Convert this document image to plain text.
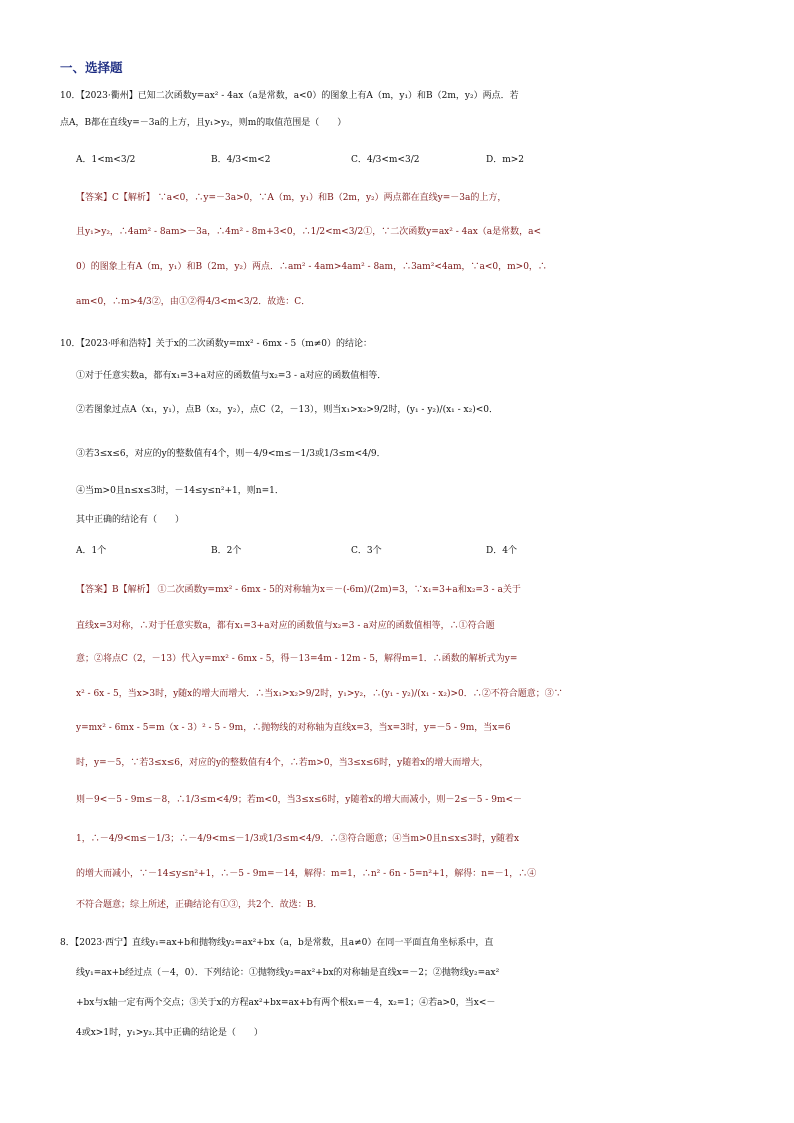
一、选择题
10．【2023·衢州】已知二次函数y=ax² - 4ax（a是常数，a<0）的图象上有A（m，y₁）和B（2m，y₂）两点．若
点A，B都在直线y=－3a的上方，且y₁>y₂，则m的取值范围是（　　）
A．1<m<3/2	B．4/3<m<2	C．4/3<m<3/2	D．m>2
【答案】C【解析】 ∵a<0，∴y=－3a>0，∵A（m，y₁）和B（2m，y₂）两点都在直线y=－3a的上方，
且y₁>y₂，∴4am² - 8am>－3a，∴4m² - 8m+3<0，∴1/2<m<3/2①，∵二次函数y=ax² - 4ax（a是常数，a<
0）的图象上有A（m，y₁）和B（2m，y₂）两点．∴am² - 4am>4am² - 8am，∴3am²<4am，∵a<0，m>0，∴
am<0，∴m>4/3②，由①②得4/3<m<3/2．故选：C．
10．【2023·呼和浩特】关于x的二次函数y=mx² - 6mx - 5（m≠0）的结论：
①对于任意实数a，都有x₁=3+a对应的函数值与x₂=3 - a对应的函数值相等．
②若图象过点A（x₁，y₁），点B（x₂，y₂），点C（2，－13），则当x₁>x₂>9/2时，(y₁ - y₂)/(x₁ - x₂)<0．
③若3≤x≤6，对应的y的整数值有4个，则－4/9<m≤－1/3或1/3≤m<4/9．
④当m>0且n≤x≤3时，－14≤y≤n²+1，则n=1．
其中正确的结论有（　　）
A．1个	B．2个	C．3个	D．4个
【答案】B【解析】 ①二次函数y=mx² - 6mx - 5的对称轴为x＝－(-6m)/(2m)=3，∵x₁=3+a和x₂=3 - a关于
直线x=3对称，∴对于任意实数a，都有x₁=3+a对应的函数值与x₂=3 - a对应的函数值相等，∴①符合题
意；②将点C（2，－13）代入y=mx² - 6mx - 5，得－13=4m - 12m - 5，解得m=1．∴函数的解析式为y=
x² - 6x - 5，当x>3时，y随x的增大而增大．∴当x₁>x₂>9/2时，y₁>y₂，∴(y₁ - y₂)/(x₁ - x₂)>0．∴②不符合题意；③∵
y=mx² - 6mx - 5=m（x - 3）² - 5 - 9m，∴抛物线的对称轴为直线x=3，当x=3时，y=－5 - 9m，当x=6
时，y=－5，∵若3≤x≤6，对应的y的整数值有4个，∴若m>0，当3≤x≤6时，y随着x的增大而增大，
则－9<－5 - 9m≤－8，∴1/3≤m<4/9；若m<0，当3≤x≤6时，y随着x的增大而减小，则－2≤－5 - 9m<－
1，∴－4/9<m≤－1/3；∴－4/9<m≤－1/3或1/3≤m<4/9．∴③符合题意；④当m>0且n≤x≤3时，y随着x
的增大而减小，∵－14≤y≤n²+1，∴－5 - 9m=－14，解得：m=1，∴n² - 6n - 5=n²+1，解得：n=－1，∴④
不符合题意；综上所述，正确结论有①③，共2个．故选：B．
8．【2023·西宁】直线y₁=ax+b和抛物线y₂=ax²+bx（a，b是常数，且a≠0）在同一平面直角坐标系中，直
线y₁=ax+b经过点（－4，0）．下列结论：①抛物线y₂=ax²+bx的对称轴是直线x=－2；②抛物线y₂=ax²
+bx与x轴一定有两个交点；③关于x的方程ax²+bx=ax+b有两个根x₁=－4，x₂=1；④若a>0，当x<－
4或x>1时，y₁>y₂.其中正确的结论是（　　）
